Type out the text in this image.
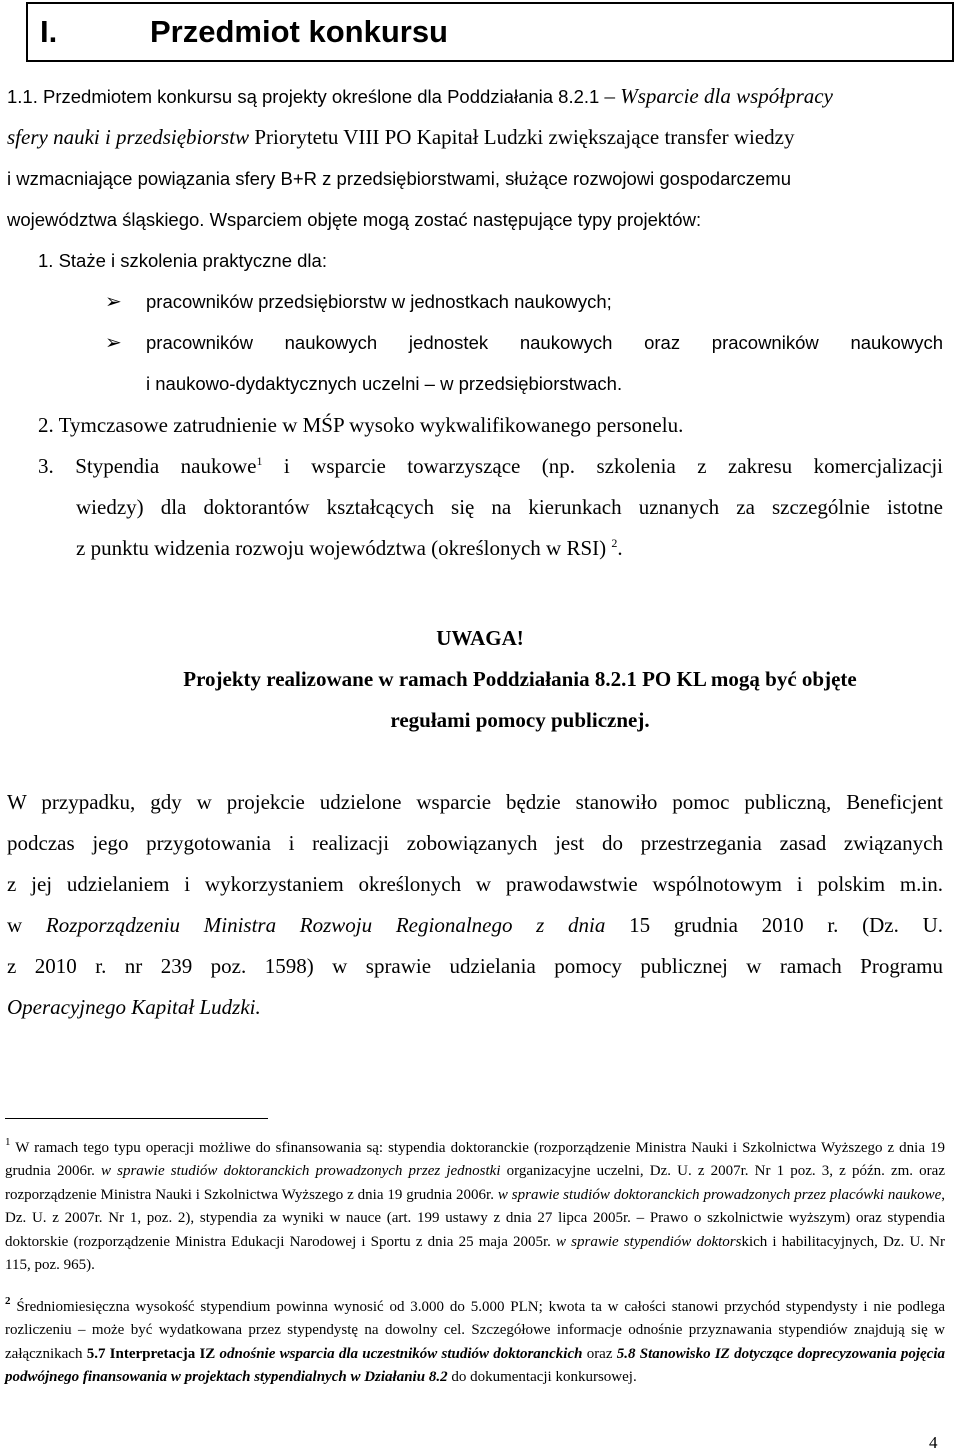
I.	Przedmiot konkursu
1.1. Przedmiotem konkursu są projekty określone dla Poddziałania 8.2.1 – Wsparcie dla współpracy
sfery nauki i przedsiębiorstw Priorytetu VIII PO Kapitał Ludzki zwiększające transfer wiedzy
i wzmacniające powiązania sfery B+R z przedsiębiorstwami, służące rozwojowi gospodarczemu
województwa śląskiego. Wsparciem objęte mogą zostać następujące typy projektów:
1. Staże i szkolenia praktyczne dla:
➢ pracowników przedsiębiorstw w jednostkach naukowych;
➢ pracowników naukowych jednostek naukowych oraz pracowników naukowych
i naukowo-dydaktycznych uczelni – w przedsiębiorstwach.
2. Tymczasowe zatrudnienie w MŚP wysoko wykwalifikowanego personelu.
3. Stypendia naukowe$^1$ i wsparcie towarzyszące (np. szkolenia z zakresu komercjalizacji
wiedzy) dla doktorantów kształcących się na kierunkach uznanych za szczególnie istotne
z punktu widzenia rozwoju województwa (określonych w RSI) $^2$.
UWAGA!
Projekty realizowane w ramach Poddziałania 8.2.1 PO KL mogą być objęte
regułami pomocy publicznej.
W przypadku, gdy w projekcie udzielone wsparcie będzie stanowiło pomoc publiczną, Beneficjent
podczas jego przygotowania i realizacji zobowiązanych jest do przestrzegania zasad związanych
z jej udzielaniem i wykorzystaniem określonych w prawodawstwie wspólnotowym i polskim m.in.
w Rozporządzeniu Ministra Rozwoju Regionalnego z dnia 15 grudnia 2010 r. (Dz. U.
z 2010 r. nr 239 poz. 1598) w sprawie udzielania pomocy publicznej w ramach Programu
Operacyjnego Kapitał Ludzki.
$^1$ W ramach tego typu operacji możliwe do sfinansowania są: stypendia doktoranckie (rozporządzenie Ministra Nauki i Szkolnictwa Wyższego z dnia 19 grudnia 2006r. w sprawie studiów doktoranckich prowadzonych przez jednostki organizacyjne uczelni, Dz. U. z 2007r. Nr 1 poz. 3, z późn. zm. oraz rozporządzenie Ministra Nauki i Szkolnictwa Wyższego z dnia 19 grudnia 2006r. w sprawie studiów doktoranckich prowadzonych przez placówki naukowe, Dz. U. z 2007r. Nr 1, poz. 2), stypendia za wyniki w nauce (art. 199 ustawy z dnia 27 lipca 2005r. – Prawo o szkolnictwie wyższym) oraz stypendia doktorskie (rozporządzenie Ministra Edukacji Narodowej i Sportu z dnia 25 maja 2005r. w sprawie stypendiów doktorskich i habilitacyjnych, Dz. U. Nr 115, poz. 965).
$^2$ Średniomiesięczna wysokość stypendium powinna wynosić od 3.000 do 5.000 PLN; kwota ta w całości stanowi przychód stypendysty i nie podlega rozliczeniu – może być wydatkowana przez stypendystę na dowolny cel. Szczegółowe informacje odnośnie przyznawania stypendiów znajdują się w załącznikach 5.7 Interpretacja IZ odnośnie wsparcia dla uczestników studiów doktoranckich oraz 5.8 Stanowisko IZ dotyczące doprecyzowania pojęcia podwójnego finansowania w projektach stypendialnych w Działaniu 8.2 do dokumentacji konkursowej.
4
